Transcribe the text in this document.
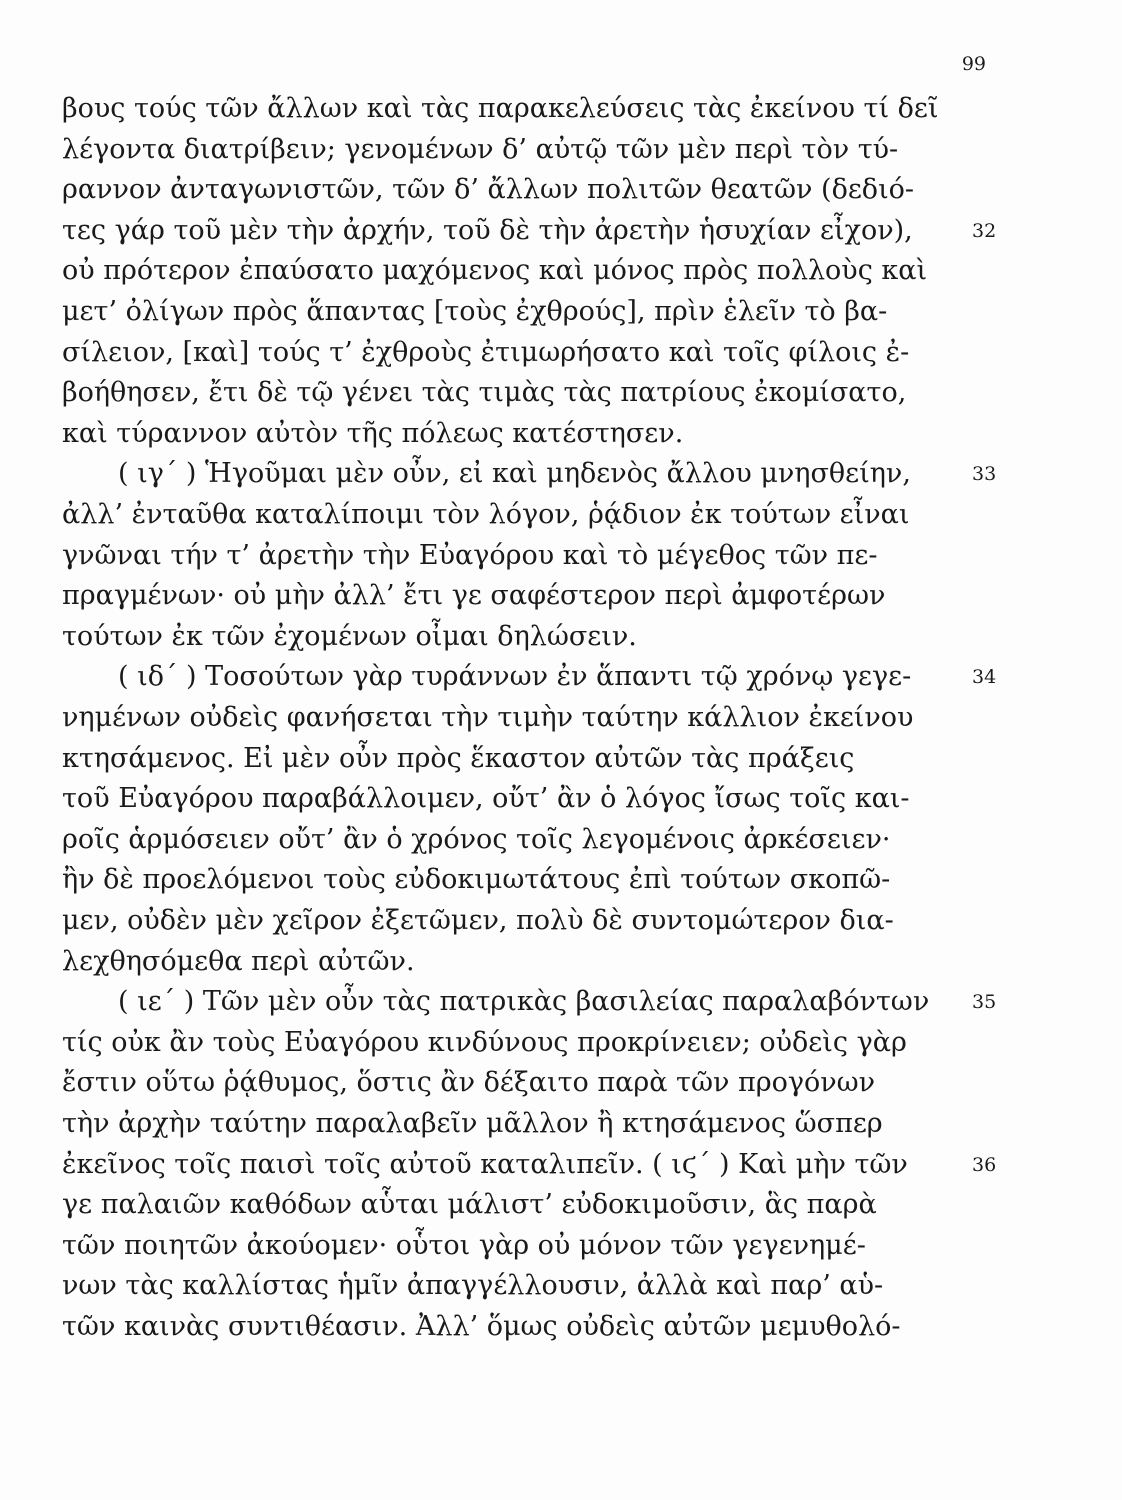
99
βους τούς τῶν ἄλλων καὶ τὰς παρακελεύσεις τὰς ἐκείνου τί δεῖ
λέγοντα διατρίβειν; γενομένων δ’ αὐτῷ τῶν μὲν περὶ τὸν τύ-
ραννον ἀνταγωνιστῶν, τῶν δ’ ἄλλων πολιτῶν θεατῶν (δεδιό-
τες γάρ τοῦ μὲν τὴν ἀρχήν, τοῦ δὲ τὴν ἀρετὴν ἡσυχίαν εἶχον),	32
οὐ πρότερον ἐπαύσατο μαχόμενος καὶ μόνος πρὸς πολλοὺς καὶ
μετ’ ὀλίγων πρὸς ἅπαντας [τοὺς ἐχθρούς], πρὶν ἑλεῖν τὸ βα-
σίλειον, [καὶ] τούς τ’ ἐχθροὺς ἐτιμωρήσατο καὶ τοῖς φίλοις ἐ-
βοήθησεν, ἔτι δὲ τῷ γένει τὰς τιμὰς τὰς πατρίους ἐκομίσατο,
καὶ τύραννον αὐτὸν τῆς πόλεως κατέστησεν.
( ιγ΄ ) Ἡγοῦμαι μὲν οὖν, εἰ καὶ μηδενὸς ἄλλου μνησθείην,	33
ἀλλ’ ἐνταῦθα καταλίποιμι τὸν λόγον, ῥᾴδιον ἐκ τούτων εἶναι
γνῶναι τήν τ’ ἀρετὴν τὴν Εὐαγόρου καὶ τὸ μέγεθος τῶν πε-
πραγμένων· οὐ μὴν ἀλλ’ ἔτι γε σαφέστερον περὶ ἀμφοτέρων
τούτων ἐκ τῶν ἐχομένων οἶμαι δηλώσειν.
( ιδ΄ ) Τοσούτων γὰρ τυράννων ἐν ἅπαντι τῷ χρόνῳ γεγε-	34
νημένων οὐδεὶς φανήσεται τὴν τιμὴν ταύτην κάλλιον ἐκείνου
κτησάμενος. Εἰ μὲν οὖν πρὸς ἕκαστον αὐτῶν τὰς πράξεις
τοῦ Εὐαγόρου παραβάλλοιμεν, οὔτ’ ἂν ὁ λόγος ἴσως τοῖς και-
ροῖς ἁρμόσειεν οὔτ’ ἂν ὁ χρόνος τοῖς λεγομένοις ἀρκέσειεν·
ἢν δὲ προελόμενοι τοὺς εὐδοκιμωτάτους ἐπὶ τούτων σκοπῶ-
μεν, οὐδὲν μὲν χεῖρον ἐξετῶμεν, πολὺ δὲ συντομώτερον δια-
λεχθησόμεθα περὶ αὐτῶν.
( ιε΄ ) Τῶν μὲν οὖν τὰς πατρικὰς βασιλείας παραλαβόντων	35
τίς οὐκ ἂν τοὺς Εὐαγόρου κινδύνους προκρίνειεν; οὐδεὶς γὰρ
ἔστιν οὕτω ῥᾴθυμος, ὅστις ἂν δέξαιτο παρὰ τῶν προγόνων
τὴν ἀρχὴν ταύτην παραλαβεῖν μᾶλλον ἢ κτησάμενος ὥσπερ
ἐκεῖνος τοῖς παισὶ τοῖς αὐτοῦ καταλιπεῖν. ( ιϛ΄ ) Καὶ μὴν τῶν	36
γε παλαιῶν καθόδων αὗται μάλιστ’ εὐδοκιμοῦσιν, ἃς παρὰ
τῶν ποιητῶν ἀκούομεν· οὗτοι γὰρ οὐ μόνον τῶν γεγενημέ-
νων τὰς καλλίστας ἡμῖν ἀπαγγέλλουσιν, ἀλλὰ καὶ παρ’ αὑ-
τῶν καινὰς συντιθέασιν. Ἀλλ’ ὅμως οὐδεὶς αὐτῶν μεμυθολό-
